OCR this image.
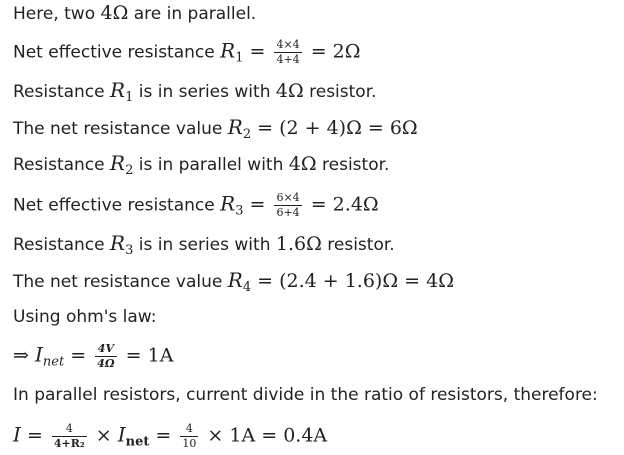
Here, two 4Ω are in parallel.
Net effective resistance $R_1 = \frac{4\times 4}{4+4} = 2\Omega$
Resistance $R_1$ is in series with 4Ω resistor.
The net resistance value $R_2 = (2 + 4)\Omega = 6\Omega$
Resistance $R_2$ is in parallel with 4Ω resistor.
Net effective resistance $R_3 = \frac{6\times 4}{6+4} = 2.4\Omega$
Resistance $R_3$ is in series with 1.6Ω resistor.
The net resistance value $R_4 = (2.4 + 1.6)\Omega = 4\Omega$
Using ohm's law:
⇒ $I_{net} = \frac{4V}{4\Omega} = 1A$
In parallel resistors, current divide in the ratio of resistors, therefore:
$I = \frac{4}{\text{4+R₂}} \times I_{net} = \frac{4}{10} \times 1A = 0.4A$
